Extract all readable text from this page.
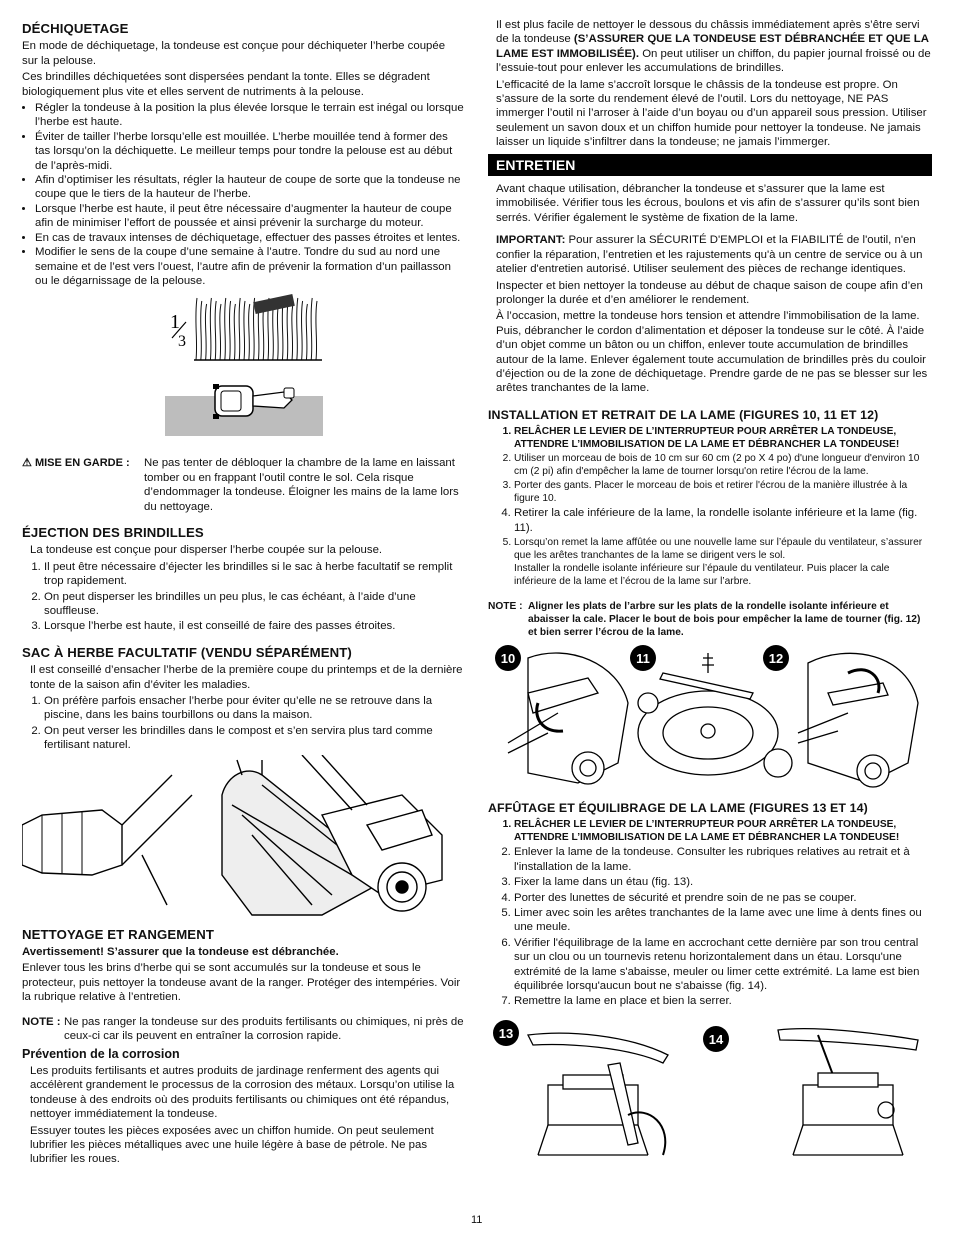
DÉCHIQUETAGE

En mode de déchiquetage, la tondeuse est conçue pour déchiqueter l’herbe coupée sur la pelouse.

Ces brindilles déchiquetées sont dispersées pendant la tonte. Elles se dégradent biologiquement plus vite et elles servent de nutriments à la pelouse.

• Régler la tondeuse à la position la plus élevée lorsque le terrain est inégal ou lorsque l’herbe est haute.
• Éviter de tailler l’herbe lorsqu’elle est mouillée. L’herbe mouillée tend à former des tas lorsqu’on la déchiquette. Le meilleur temps pour tondre la pelouse est au début de l’après-midi.
• Afin d’optimiser les résultats, régler la hauteur de coupe de sorte que la tondeuse ne coupe que le tiers de la hauteur de l’herbe.
• Lorsque l’herbe est haute, il peut être nécessaire d’augmenter la hauteur de coupe afin de minimiser l’effort de poussée et ainsi prévenir la surcharge du moteur.
• En cas de travaux intenses de déchiquetage, effectuer des passes étroites et lentes.
• Modifier le sens de la coupe d’une semaine à l’autre. Tondre du sud au nord une semaine et de l’est vers l’ouest, l’autre afin de prévenir la formation d’un paillasson ou le dégarnissage de la pelouse.
1
3
⚠ MISE EN GARDE :	Ne pas tenter de débloquer la chambre de la lame en laissant tomber ou en frappant l’outil contre le sol. Cela risque d’endommager la tondeuse. Éloigner les mains de la lame lors du nettoyage.
ÉJECTION DES BRINDILLES

La tondeuse est conçue pour disperser l’herbe coupée sur la pelouse.

1. Il peut être nécessaire d’éjecter les brindilles si le sac à herbe facultatif se remplit trop rapidement.
2. On peut disperser les brindilles un peu plus, le cas échéant, à l’aide d’une souffleuse.
3. Lorsque l’herbe est haute, il est conseillé de faire des passes étroites.
SAC À HERBE FACULTATIF (VENDU SÉPARÉMENT)

Il est conseillé d’ensacher l’herbe de la première coupe du printemps et de la dernière tonte de la saison afin d’éviter les maladies.

1. On préfère parfois ensacher l’herbe pour éviter qu’elle ne se retrouve dans la piscine, dans les bains tourbillons ou dans la maison.
2. On peut verser les brindilles dans le compost et s’en servira plus tard comme fertilisant naturel.
NETTOYAGE ET RANGEMENT

Avertissement! S’assurer que la tondeuse est débranchée.

Enlever tous les brins d’herbe qui se sont accumulés sur la tondeuse et sous le protecteur, puis nettoyer la tondeuse avant de la ranger. Protéger des intempéries. Voir la rubrique relative à l’entretien.

NOTE : Ne pas ranger la tondeuse sur des produits fertilisants ou chimiques, ni près de ceux-ci car ils peuvent en entraîner la corrosion rapide.
Prévention de la corrosion

Les produits fertilisants et autres produits de jardinage renferment des agents qui accélèrent grandement le processus de la corrosion des métaux. Lorsqu’on utilise la tondeuse à des endroits où des produits fertilisants ou chimiques ont été répandus, nettoyer immédiatement la tondeuse.

Essuyer toutes les pièces exposées avec un chiffon humide. On peut seulement lubrifier les pièces métalliques avec une huile légère à base de pétrole. Ne pas lubrifier les roues.

Il est plus facile de nettoyer le dessous du châssis immédiatement après s’être servi de la tondeuse (S’ASSURER QUE LA TONDEUSE EST DÉBRANCHÉE ET QUE LA LAME EST IMMOBILISÉE). On peut utiliser un chiffon, du papier journal froissé ou de l’essuie-tout pour enlever les accumulations de brindilles.

L’efficacité de la lame s’accroît lorsque le châssis de la tondeuse est propre. On s’assure de la sorte du rendement élevé de l’outil. Lors du nettoyage, NE PAS immerger l’outil ni l’arroser à l’aide d’un boyau ou d’un appareil sous pression. Utiliser seulement un savon doux et un chiffon humide pour nettoyer la tondeuse. Ne jamais laisser un liquide s’infiltrer dans la tondeuse; ne jamais l’immerger.

ENTRETIEN

Avant chaque utilisation, débrancher la tondeuse et s’assurer que la lame est immobilisée. Vérifier tous les écrous, boulons et vis afin de s’assurer qu’ils sont bien serrés. Vérifier également le système de fixation de la lame.

IMPORTANT: Pour assurer la SÉCURITÉ D'EMPLOI et la FIABILITÉ de l'outil, n'en confier la réparation, l’entretien et les rajustements qu'à un centre de service ou à un atelier d'entretien autorisé. Utiliser seulement des pièces de rechange identiques.

Inspecter et bien nettoyer la tondeuse au début de chaque saison de coupe afin d’en prolonger la durée et d’en améliorer le rendement.

À l’occasion, mettre la tondeuse hors tension et attendre l’immobilisation de la lame. Puis, débrancher le cordon d’alimentation et déposer la tondeuse sur le côté. À l’aide d’un objet comme un bâton ou un chiffon, enlever toute accumulation de brindilles autour de la lame. Enlever également toute accumulation de brindilles près du couloir d’éjection ou de la zone de déchiquetage. Prendre garde de ne pas se blesser sur les arêtes tranchantes de la lame.

INSTALLATION ET RETRAIT DE LA LAME (FIGURES 10, 11 ET 12)
1. RELÂCHER LE LEVIER DE L’INTERRUPTEUR POUR ARRÊTER LA TONDEUSE, ATTENDRE L’IMMOBILISATION DE LA LAME ET DÉBRANCHER LA TONDEUSE!
2. Utiliser un morceau de bois de 10 cm sur 60 cm (2 po X 4 po) d'une longueur d'environ 10 cm (2 pi) afin d'empêcher la lame de tourner lorsqu'on retire l'écrou de la lame.
3. Porter des gants. Placer le morceau de bois et retirer l'écrou de la manière illustrée à la figure 10.
4. Retirer la cale inférieure de la lame, la rondelle isolante inférieure et la lame (fig. 11).
5. Lorsqu’on remet la lame affûtée ou une nouvelle lame sur l’épaule du ventilateur, s’assurer que les arêtes tranchantes de la lame se dirigent vers le sol.
Installer la rondelle isolante inférieure sur l’épaule du ventilateur. Puis placer la cale inférieure de la lame et l’écrou de la lame sur l’arbre.
NOTE : Aligner les plats de l’arbre sur les plats de la rondelle isolante inférieure et abaisser la cale. Placer le bout de bois pour empêcher la lame de tourner (fig. 12) et bien serrer l’écrou de la lame.
10	11	12
AFFÛTAGE ET ÉQUILIBRAGE DE LA LAME (FIGURES 13 ET 14)
1. RELÂCHER LE LEVIER DE L’INTERRUPTEUR POUR ARRÊTER LA TONDEUSE, ATTENDRE L’IMMOBILISATION DE LA LAME ET DÉBRANCHER LA TONDEUSE!
2. Enlever la lame de la tondeuse. Consulter les rubriques relatives au retrait et à l'installation de la lame.
3. Fixer la lame dans un étau (fig. 13).
4. Porter des lunettes de sécurité et prendre soin de ne pas se couper.
5. Limer avec soin les arêtes tranchantes de la lame avec une lime à dents fines ou une meule.
6. Vérifier l'équilibrage de la lame en accrochant cette dernière par son trou central sur un clou ou un tournevis retenu horizontalement dans un étau. Lorsqu'une extrémité de la lame s'abaisse, meuler ou limer cette extrémité. La lame est bien équilibrée lorsqu'aucun bout ne s'abaisse (fig. 14).
7. Remettre la lame en place et bien la serrer.
13	14
11
